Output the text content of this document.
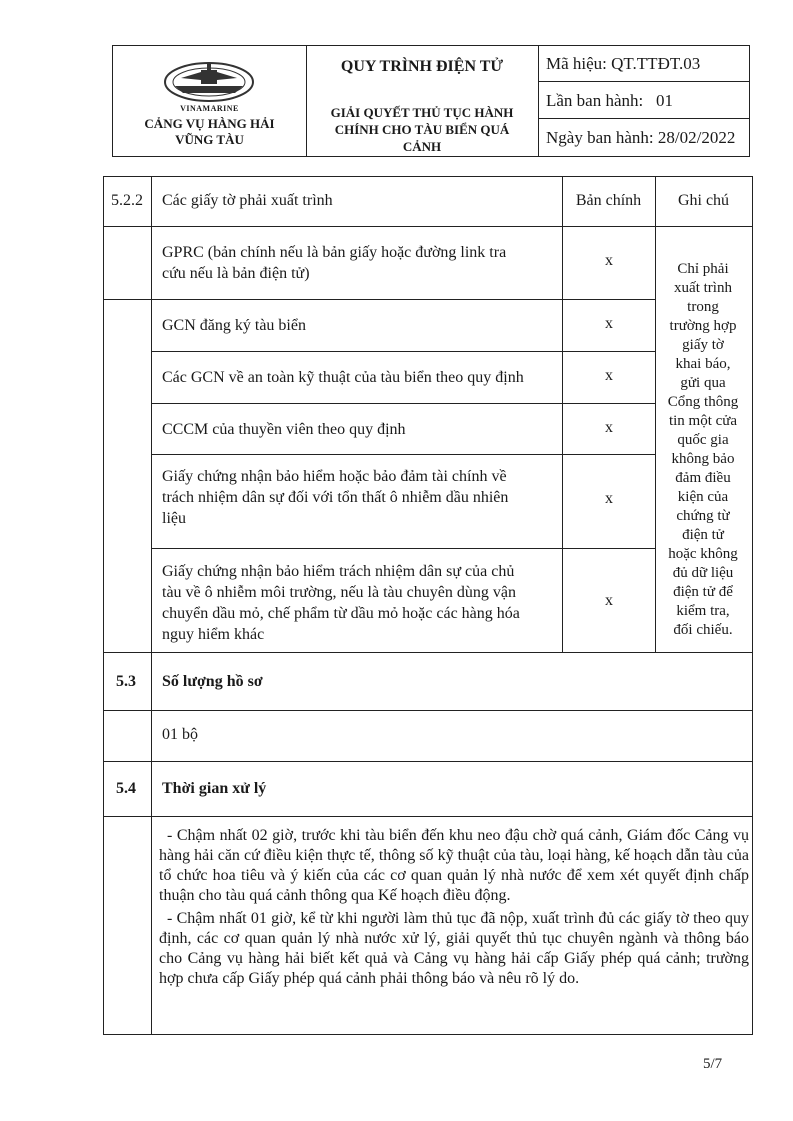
VINAMARINE
CẢNG VỤ HÀNG HẢI
VŨNG TÀU
QUY TRÌNH ĐIỆN TỬ
GIẢI QUYẾT THỦ TỤC HÀNH
CHÍNH CHO TÀU BIỂN QUÁ CẢNH
Mã hiệu: QT.TTĐT.03
Lần ban hành: 01
Ngày ban hành: 28/02/2022
5.2.2 Các giấy tờ phải xuất trình	Bản chính	Ghi chú
GPRC (bản chính nếu là bản giấy hoặc đường link tra
cứu nếu là bản điện tử)
x
GCN đăng ký tàu biển	x
Các GCN về an toàn kỹ thuật của tàu biển theo quy định	x
CCCM của thuyền viên theo quy định	x
Giấy chứng nhận bảo hiểm hoặc bảo đảm tài chính về
trách nhiệm dân sự đối với tổn thất ô nhiễm dầu nhiên
liệu
x
Giấy chứng nhận bảo hiểm trách nhiệm dân sự của chủ
tàu về ô nhiễm môi trường, nếu là tàu chuyên dùng vận
chuyển dầu mỏ, chế phẩm từ dầu mỏ hoặc các hàng hóa
nguy hiểm khác
x
Chỉ phải
xuất trình
trong
trường hợp
giấy tờ
khai báo,
gửi qua
Cổng thông
tin một cửa
quốc gia
không bảo
đảm điều
kiện của
chứng từ
điện tử
hoặc không
đủ dữ liệu
điện tử để
kiểm tra,
đối chiếu.
5.3 Số lượng hồ sơ
01 bộ
5.4 Thời gian xử lý
- Chậm nhất 02 giờ, trước khi tàu biển đến khu neo đậu chờ quá cảnh, Giám đốc Cảng vụ hàng hải căn cứ điều kiện thực tế, thông số kỹ thuật của tàu, loại hàng, kế hoạch dẫn tàu của tổ chức hoa tiêu và ý kiến của các cơ quan quản lý nhà nước để xem xét quyết định chấp thuận cho tàu quá cảnh thông qua Kế hoạch điều động.
- Chậm nhất 01 giờ, kể từ khi người làm thủ tục đã nộp, xuất trình đủ các giấy tờ theo quy định, các cơ quan quản lý nhà nước xử lý, giải quyết thủ tục chuyên ngành và thông báo cho Cảng vụ hàng hải biết kết quả và Cảng vụ hàng hải cấp Giấy phép quá cảnh; trường hợp chưa cấp Giấy phép quá cảnh phải thông báo và nêu rõ lý do.
5/7
